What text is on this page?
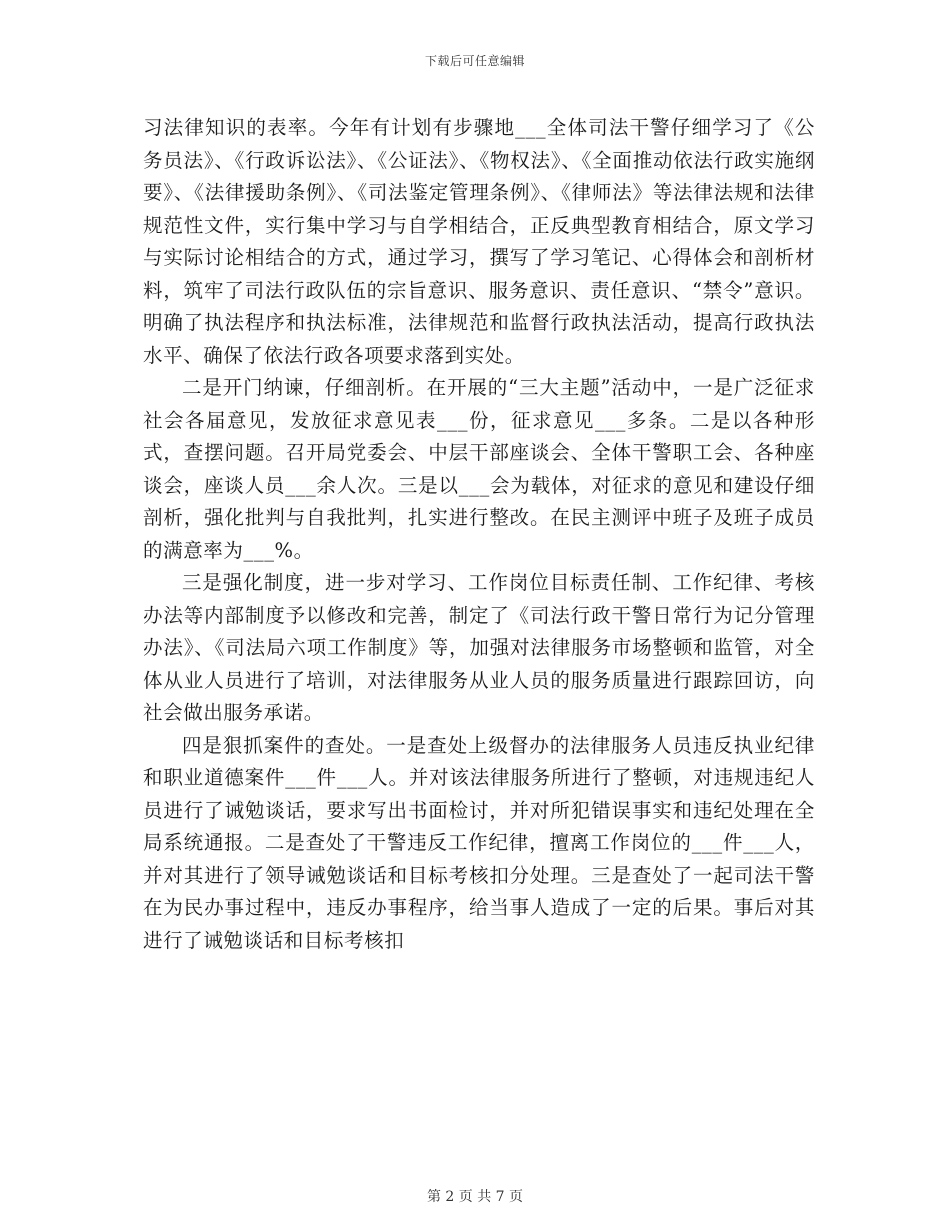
下载后可任意编辑

习法律知识的表率。今年有计划有步骤地___全体司法干警仔细学习了《公务员法》、《行政诉讼法》、《公证法》、《物权法》、《全面推动依法行政实施纲要》、《法律援助条例》、《司法鉴定管理条例》、《律师法》等法律法规和法律规范性文件，实行集中学习与自学相结合，正反典型教育相结合，原文学习与实际讨论相结合的方式，通过学习，撰写了学习笔记、心得体会和剖析材料，筑牢了司法行政队伍的宗旨意识、服务意识、责任意识、“禁令”意识。明确了执法程序和执法标准，法律规范和监督行政执法活动，提高行政执法水平、确保了依法行政各项要求落到实处。

二是开门纳谏，仔细剖析。在开展的“三大主题”活动中，一是广泛征求社会各届意见，发放征求意见表___份，征求意见___多条。二是以各种形式，查摆问题。召开局党委会、中层干部座谈会、全体干警职工会、各种座谈会，座谈人员___余人次。三是以___会为载体，对征求的意见和建设仔细剖析，强化批判与自我批判，扎实进行整改。在民主测评中班子及班子成员的满意率为___%。

三是强化制度，进一步对学习、工作岗位目标责任制、工作纪律、考核办法等内部制度予以修改和完善，制定了《司法行政干警日常行为记分管理办法》、《司法局六项工作制度》等，加强对法律服务市场整顿和监管，对全体从业人员进行了培训，对法律服务从业人员的服务质量进行跟踪回访，向社会做出服务承诺。

四是狠抓案件的查处。一是查处上级督办的法律服务人员违反执业纪律和职业道德案件___件___人。并对该法律服务所进行了整顿，对违规违纪人员进行了诫勉谈话，要求写出书面检讨，并对所犯错误事实和违纪处理在全局系统通报。二是查处了干警违反工作纪律，擅离工作岗位的___件___人，并对其进行了领导诫勉谈话和目标考核扣分处理。三是查处了一起司法干警在为民办事过程中，违反办事程序，给当事人造成了一定的后果。事后对其进行了诫勉谈话和目标考核扣

第 2 页 共 7 页
